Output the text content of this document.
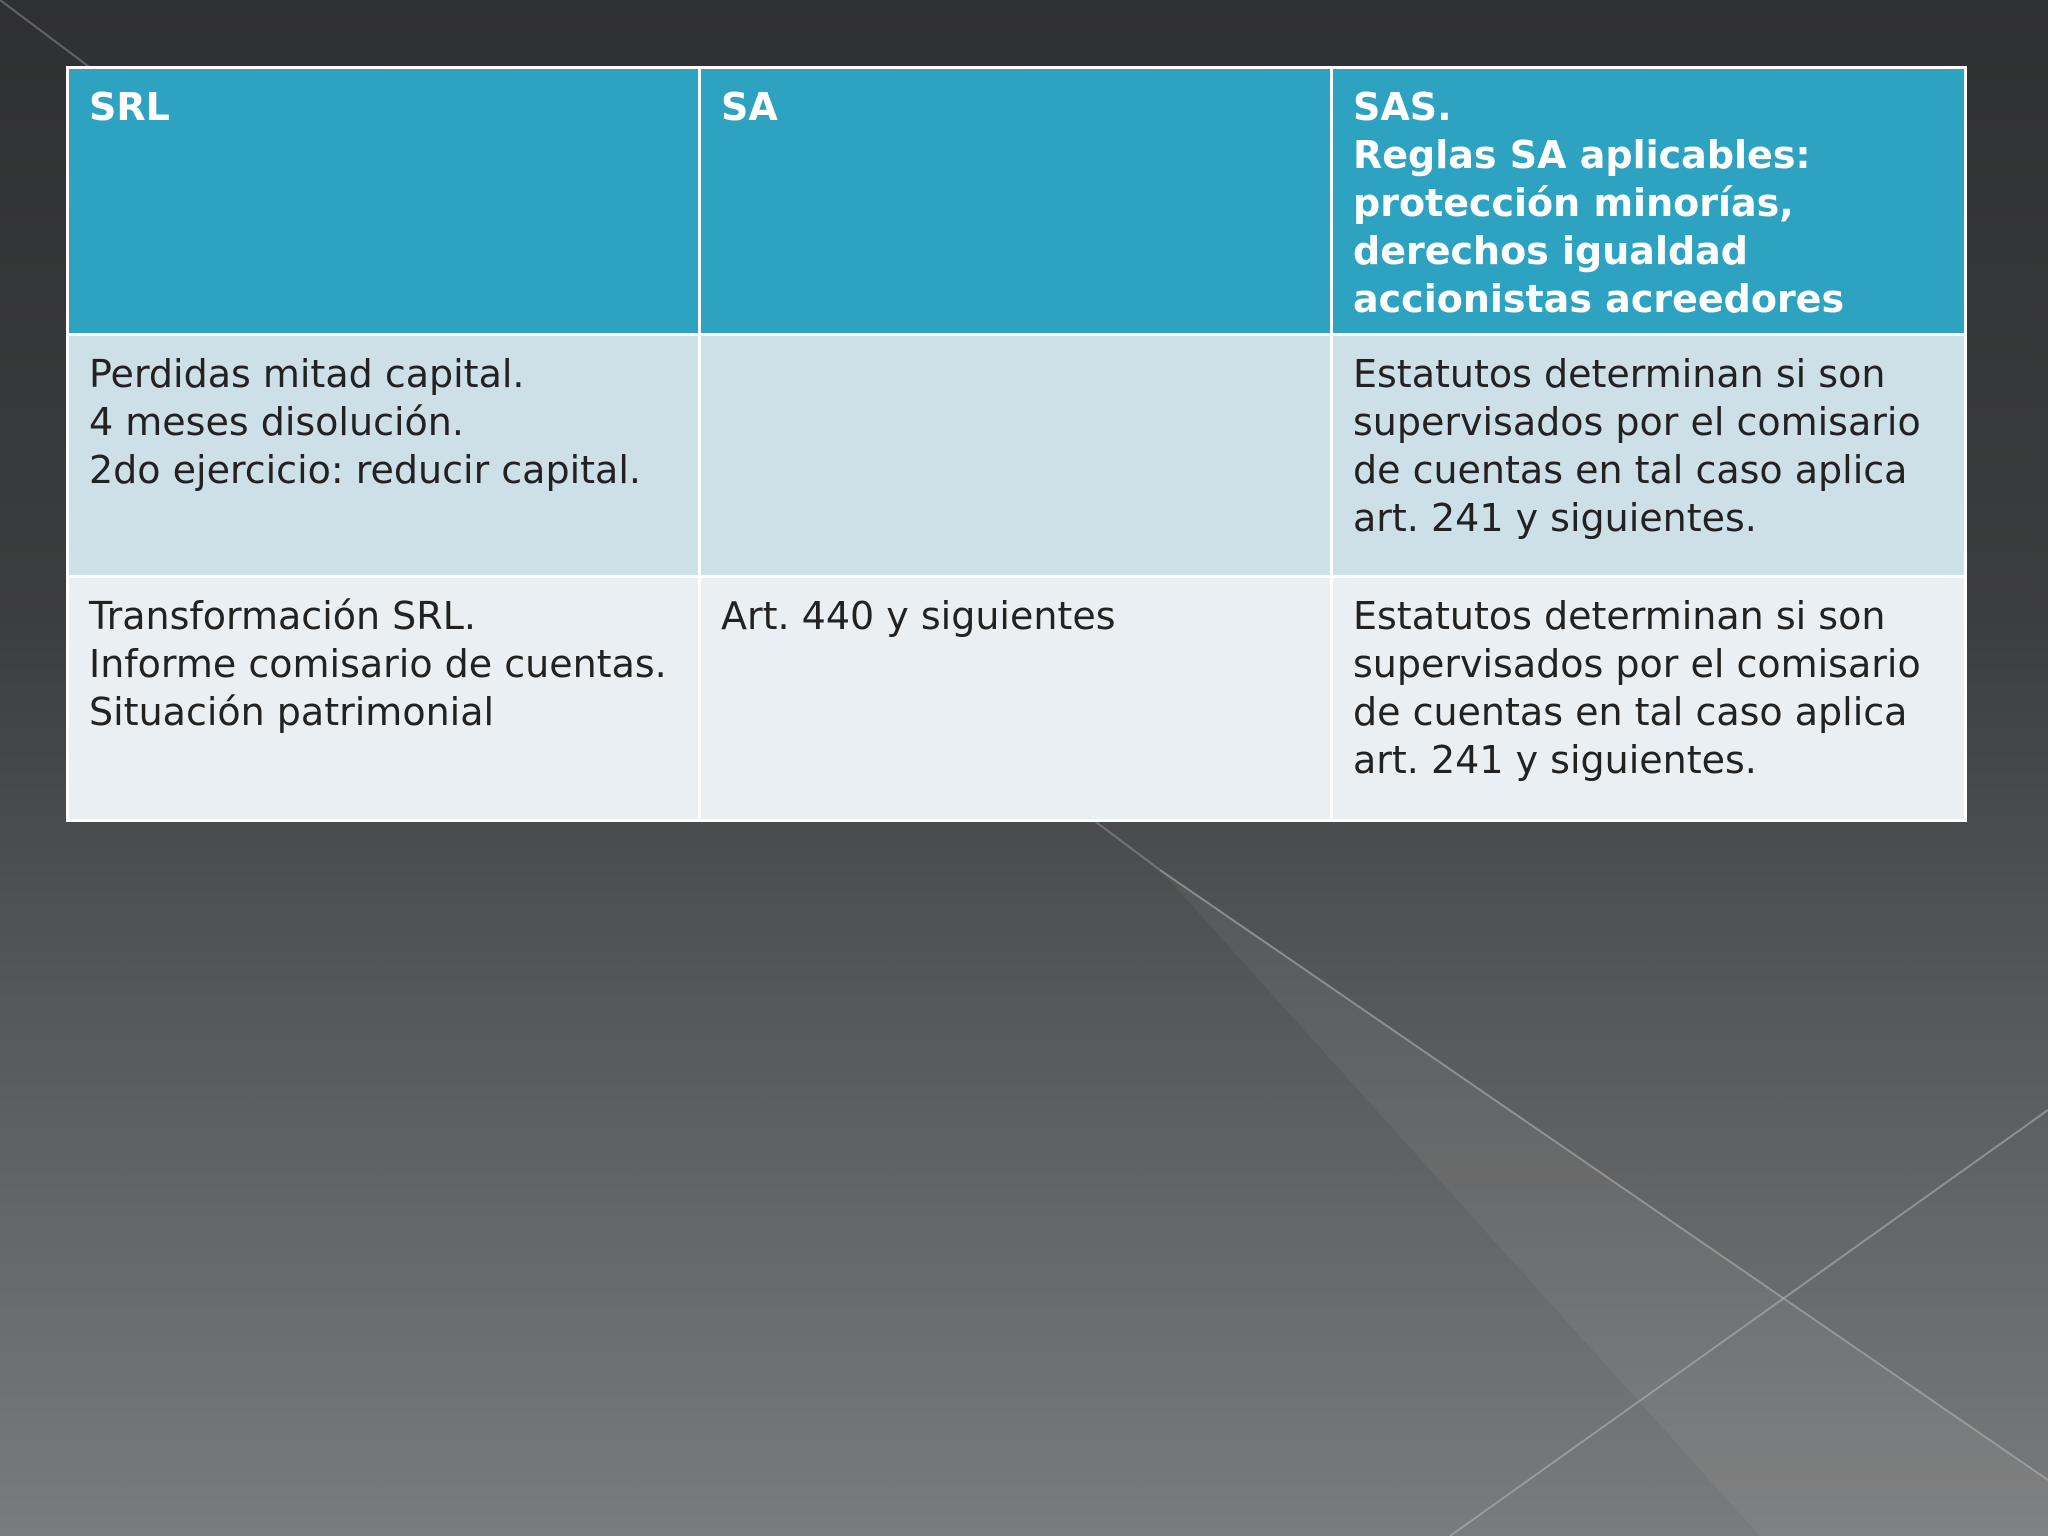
SRL	SA	SAS.
Reglas SA aplicables: protección minorías, derechos igualdad accionistas acreedores
Perdidas mitad capital.
4 meses disolución.
2do ejercicio: reducir capital.		Estatutos determinan si son supervisados por el comisario de cuentas en tal caso aplica art. 241 y siguientes.
Transformación SRL.
Informe comisario de cuentas.
Situación patrimonial	Art. 440 y siguientes	Estatutos determinan si son supervisados por el comisario de cuentas en tal caso aplica art. 241 y siguientes.
